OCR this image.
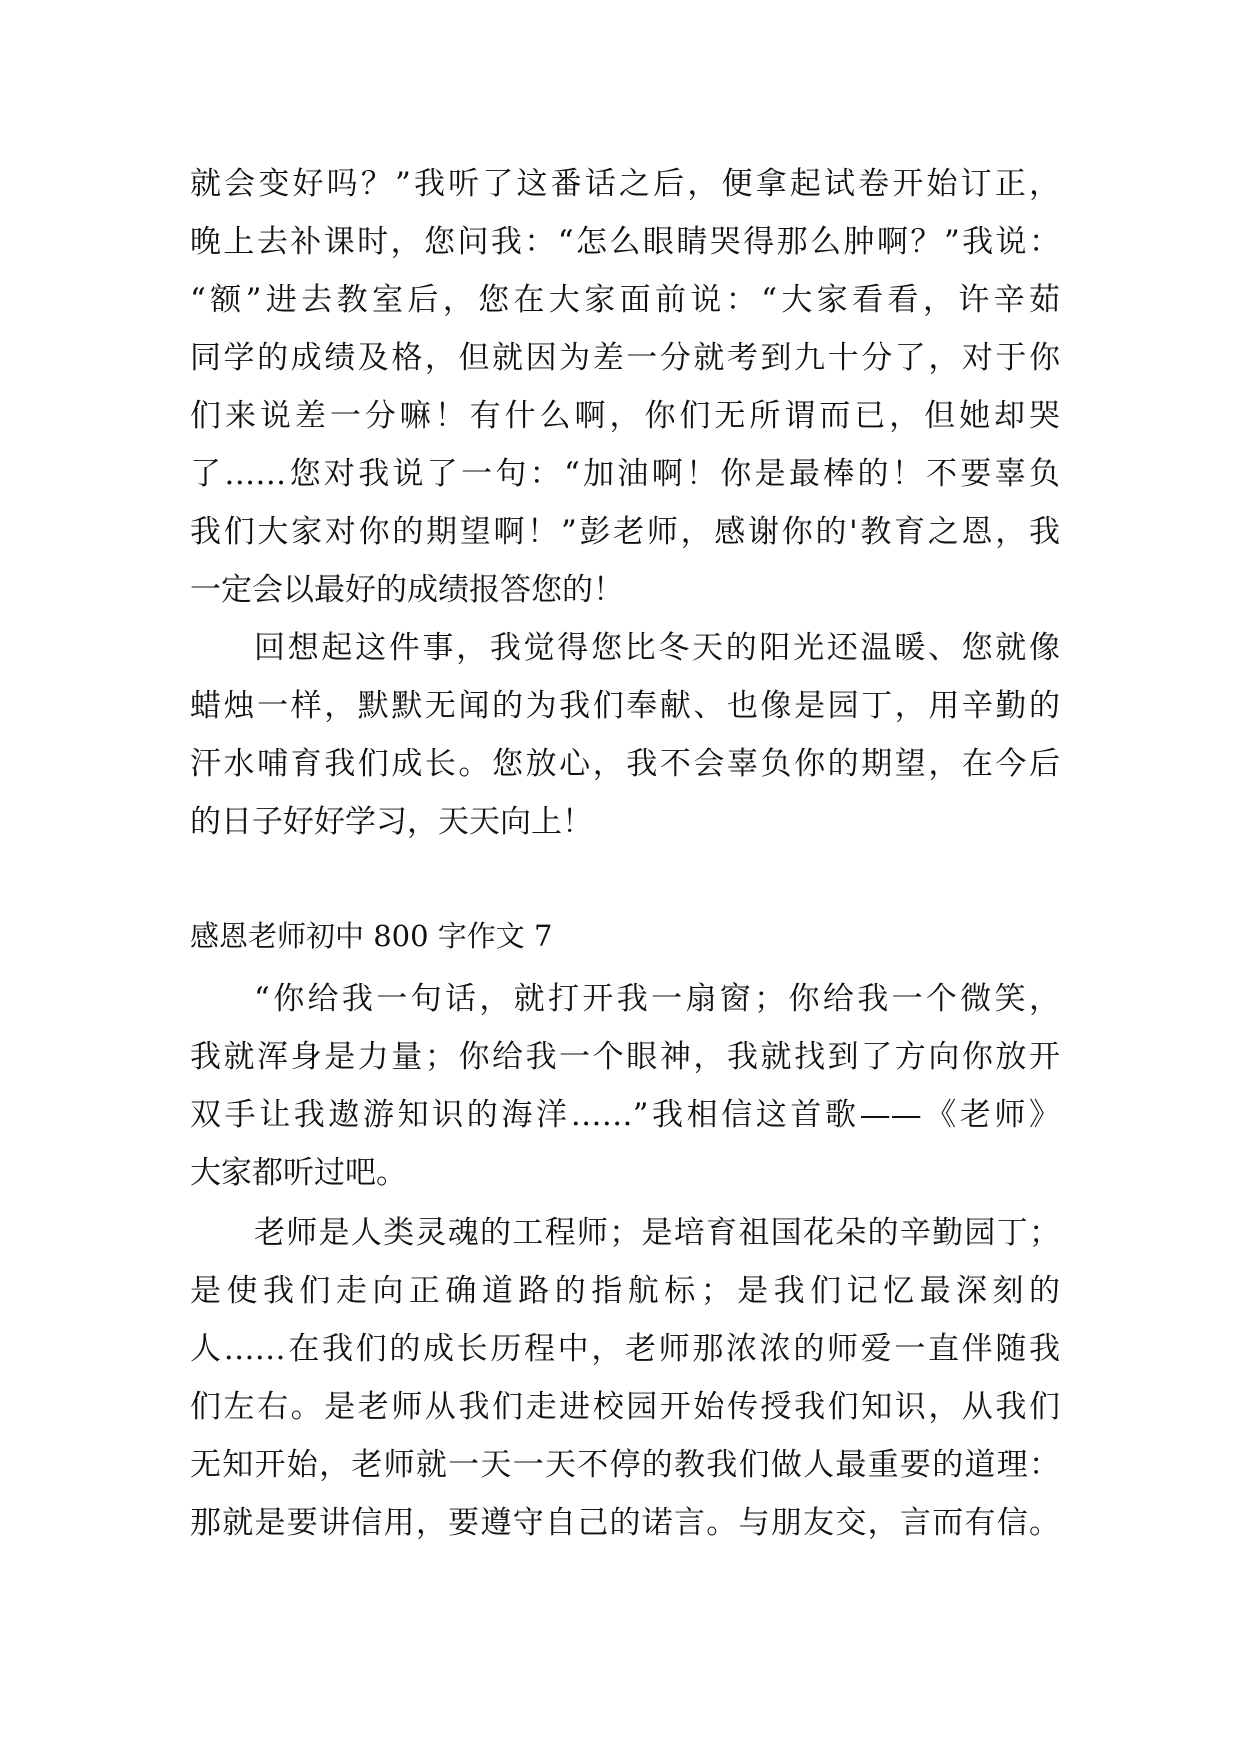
就会变好吗？”我听了这番话之后，便拿起试卷开始订正，
晚上去补课时，您问我：“怎么眼睛哭得那么肿啊？”我说：
“额”进去教室后，您在大家面前说：“大家看看，许辛茹
同学的成绩及格，但就因为差一分就考到九十分了，对于你
们来说差一分嘛！有什么啊，你们无所谓而已，但她却哭
了……您对我说了一句：“加油啊！你是最棒的！不要辜负
我们大家对你的期望啊！”彭老师，感谢你的'教育之恩，我
一定会以最好的成绩报答您的！
回想起这件事，我觉得您比冬天的阳光还温暖、您就像
蜡烛一样，默默无闻的为我们奉献、也像是园丁，用辛勤的
汗水哺育我们成长。您放心，我不会辜负你的期望，在今后
的日子好好学习，天天向上！
感恩老师初中 800 字作文 7
“你给我一句话，就打开我一扇窗；你给我一个微笑，
我就浑身是力量；你给我一个眼神，我就找到了方向你放开
双手让我遨游知识的海洋……”我相信这首歌——《老师》
大家都听过吧。
老师是人类灵魂的工程师；是培育祖国花朵的辛勤园丁；
是使我们走向正确道路的指航标；是我们记忆最深刻的
人……在我们的成长历程中，老师那浓浓的师爱一直伴随我
们左右。是老师从我们走进校园开始传授我们知识，从我们
无知开始，老师就一天一天不停的教我们做人最重要的道理：
那就是要讲信用，要遵守自己的诺言。与朋友交，言而有信。
